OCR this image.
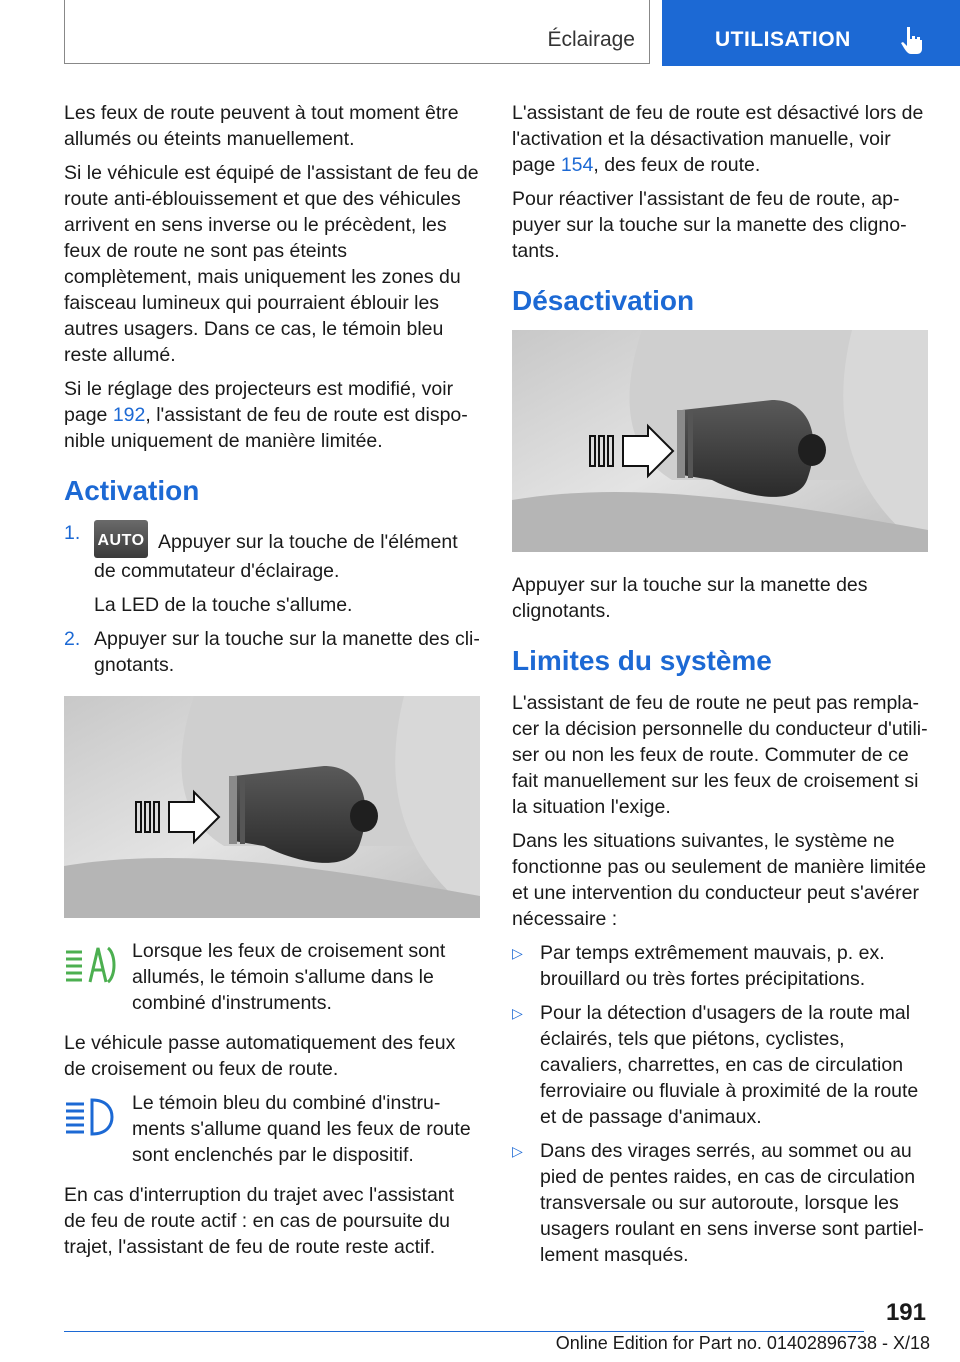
Éclairage	UTILISATION

Les feux de route peuvent à tout moment être allumés ou éteints manuellement.

Si le véhicule est équipé de l'assistant de feu de route anti-éblouissement et que des véhicules arrivent en sens inverse ou le précèdent, les feux de route ne sont pas éteints complètement, mais uniquement les zones du faisceau lumineux qui pourraient éblouir les autres usagers. Dans ce cas, le témoin bleu reste allumé.

Si le réglage des projecteurs est modifié, voir page 192, l'assistant de feu de route est disponible uniquement de manière limitée.

Activation
1. AUTO Appuyer sur la touche de l'élément de commutateur d'éclairage.
La LED de la touche s'allume.
2. Appuyer sur la touche sur la manette des clignotants.
Lorsque les feux de croisement sont allumés, le témoin s'allume dans le combiné d'instruments.

Le véhicule passe automatiquement des feux de croisement ou feux de route.

Le témoin bleu du combiné d'instruments s'allume quand les feux de route sont enclenchés par le dispositif.

En cas d'interruption du trajet avec l'assistant de feu de route actif : en cas de poursuite du trajet, l'assistant de feu de route reste actif.

L'assistant de feu de route est désactivé lors de l'activation et la désactivation manuelle, voir page 154, des feux de route.

Pour réactiver l'assistant de feu de route, appuyer sur la touche sur la manette des clignotants.

Désactivation

Appuyer sur la touche sur la manette des clignotants.

Limites du système

L'assistant de feu de route ne peut pas remplacer la décision personnelle du conducteur d'utiliser ou non les feux de route. Commuter de ce fait manuellement sur les feux de croisement si la situation l'exige.

Dans les situations suivantes, le système ne fonctionne pas ou seulement de manière limitée et une intervention du conducteur peut s'avérer nécessaire :

▷ Par temps extrêmement mauvais, p. ex. brouillard ou très fortes précipitations.
▷ Pour la détection d'usagers de la route mal éclairés, tels que piétons, cyclistes, cavaliers, charrettes, en cas de circulation ferroviaire ou fluviale à proximité de la route et de passage d'animaux.
▷ Dans des virages serrés, au sommet ou au pied de pentes raides, en cas de circulation transversale ou sur autoroute, lorsque les usagers roulant en sens inverse sont partiellement masqués.
191
Online Edition for Part no. 01402896738 - X/18
